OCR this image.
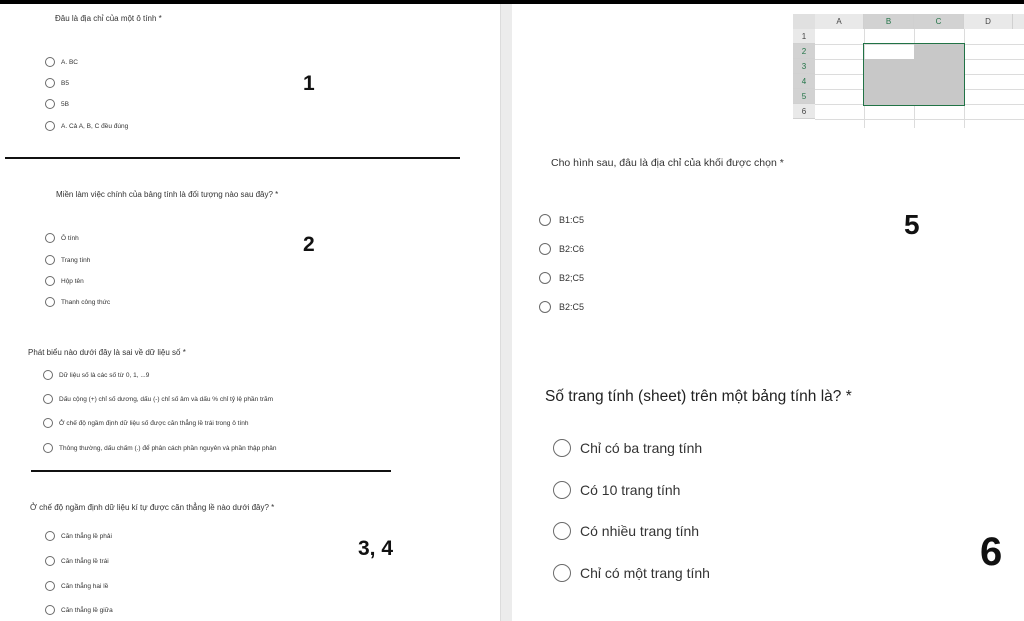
Đâu là địa chỉ của một ô tính *
A. BC
B5
5B
A. Cả A, B, C đều đúng
1
Miền làm việc chính của bảng tính là đối tượng nào sau đây? *
Ô tính
Trang tính
Hộp tên
Thanh công thức
2
Phát biểu nào dưới đây là sai về dữ liệu số *
Dữ liệu số là các số từ 0, 1, ...9
Dấu cộng (+) chỉ số dương, dấu (-) chỉ số âm và dấu % chỉ tỷ lệ phần trăm
Ở chế độ ngầm định dữ liệu số được căn thẳng lề trái trong ô tính
Thông thường, dấu chấm (.) để phân cách phần nguyên và phần thập phân
Ở chế độ ngầm định dữ liệu kí tự được căn thẳng lề nào dưới đây? *
Căn thẳng lề phải
Căn thẳng lề trái
Căn thẳng hai lề
Căn thẳng lề giữa
3, 4
A	B	C	D
1
2
3
4
5
6
Cho hình sau, đâu là địa chỉ của khối được chọn *
B1:C5
B2:C6
B2;C5
B2:C5
5
Số trang tính (sheet) trên một bảng tính là? *
Chỉ có ba trang tính
Có 10 trang tính
Có nhiều trang tính
Chỉ có một trang tính	6
